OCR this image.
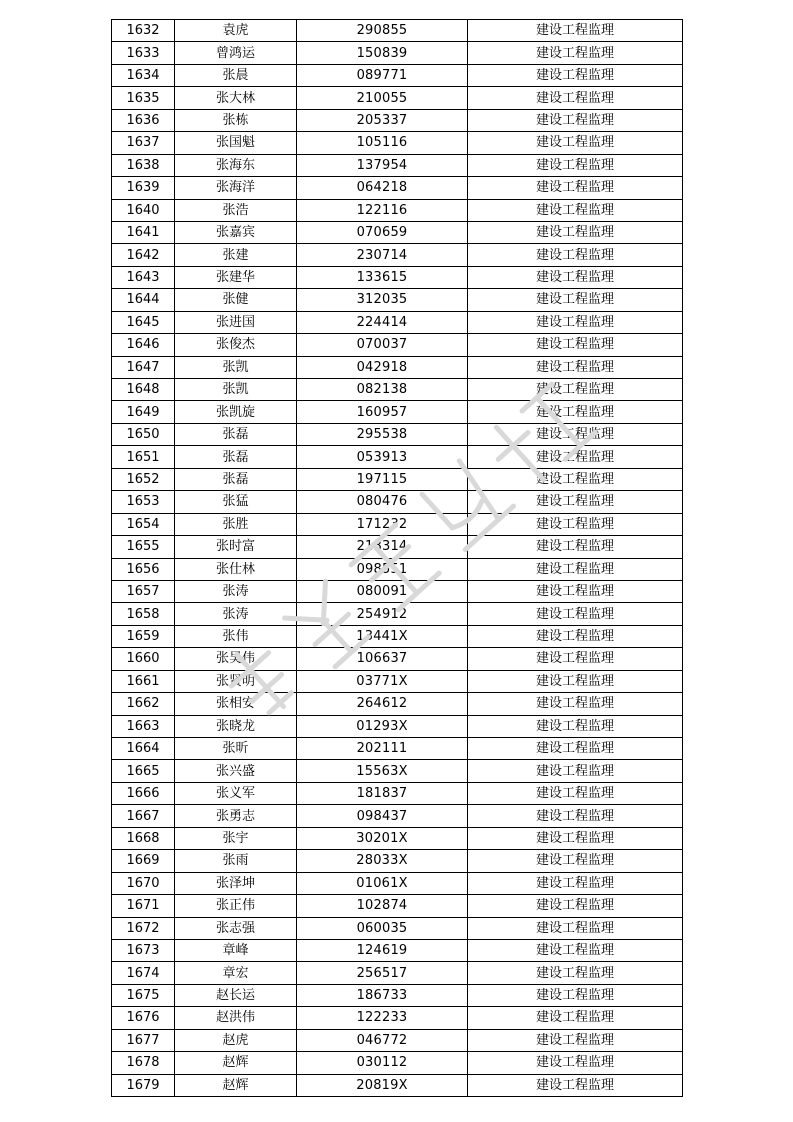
1632	袁虎	290855	建设工程监理
1633	曾鸿运	150839	建设工程监理
1634	张晨	089771	建设工程监理
1635	张大林	210055	建设工程监理
1636	张栋	205337	建设工程监理
1637	张国魁	105116	建设工程监理
1638	张海东	137954	建设工程监理
1639	张海洋	064218	建设工程监理
1640	张浩	122116	建设工程监理
1641	张嘉宾	070659	建设工程监理
1642	张建	230714	建设工程监理
1643	张建华	133615	建设工程监理
1644	张健	312035	建设工程监理
1645	张进国	224414	建设工程监理
1646	张俊杰	070037	建设工程监理
1647	张凯	042918	建设工程监理
1648	张凯	082138	建设工程监理
1649	张凯旋	160957	建设工程监理
1650	张磊	295538	建设工程监理
1651	张磊	053913	建设工程监理
1652	张磊	197115	建设工程监理
1653	张猛	080476	建设工程监理
1654	张胜	171232	建设工程监理
1655	张时富	218314	建设工程监理
1656	张仕林	098551	建设工程监理
1657	张涛	080091	建设工程监理
1658	张涛	254912	建设工程监理
1659	张伟	13441X	建设工程监理
1660	张吴伟	106637	建设工程监理
1661	张贤明	03771X	建设工程监理
1662	张相安	264612	建设工程监理
1663	张晓龙	01293X	建设工程监理
1664	张昕	202111	建设工程监理
1665	张兴盛	15563X	建设工程监理
1666	张义军	181837	建设工程监理
1667	张勇志	098437	建设工程监理
1668	张宇	30201X	建设工程监理
1669	张雨	28033X	建设工程监理
1670	张泽坤	01061X	建设工程监理
1671	张正伟	102874	建设工程监理
1672	张志强	060035	建设工程监理
1673	章峰	124619	建设工程监理
1674	章宏	256517	建设工程监理
1675	赵长运	186733	建设工程监理
1676	赵洪伟	122233	建设工程监理
1677	赵虎	046772	建设工程监理
1678	赵辉	030112	建设工程监理
1679	赵辉	20819X	建设工程监理
